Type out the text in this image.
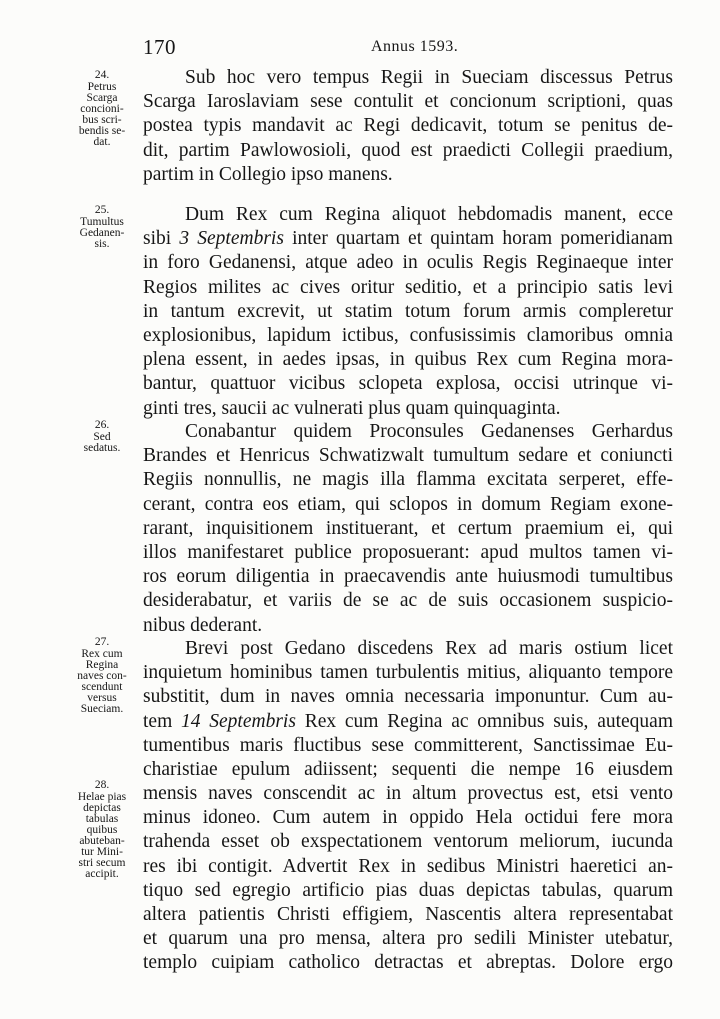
170	Annus 1593.
24.
Petrus
Scarga
concioni-
bus scri-
bendis se-
dat.
Sub hoc vero tempus Regii in Sueciam discessus Petrus
Scarga Iaroslaviam sese contulit et concionum scriptioni, quas
postea typis mandavit ac Regi dedicavit, totum se penitus de-
dit, partim Pawlowosioli, quod est praedicti Collegii praedium,
partim in Collegio ipso manens.
25.
Tumultus
Gedanen-
sis.
Dum Rex cum Regina aliquot hebdomadis manent, ecce
sibi 3 Septembris inter quartam et quintam horam pomeridianam
in foro Gedanensi, atque adeo in oculis Regis Reginaeque inter
Regios milites ac cives oritur seditio, et a principio satis levi
in tantum excrevit, ut statim totum forum armis compleretur
explosionibus, lapidum ictibus, confusissimis clamoribus omnia
plena essent, in aedes ipsas, in quibus Rex cum Regina mora-
bantur, quattuor vicibus sclopeta explosa, occisi utrinque vi-
ginti tres, saucii ac vulnerati plus quam quinquaginta.
26.
Sed
sedatus.
Conabantur quidem Proconsules Gedanenses Gerhardus
Brandes et Henricus Schwatizwalt tumultum sedare et coniuncti
Regiis nonnullis, ne magis illa flamma excitata serperet, effe-
cerant, contra eos etiam, qui sclopos in domum Regiam exone-
rarant, inquisitionem instituerant, et certum praemium ei, qui
illos manifestaret publice proposuerant: apud multos tamen vi-
ros eorum diligentia in praecavendis ante huiusmodi tumultibus
desiderabatur, et variis de se ac de suis occasionem suspicio-
nibus dederant.
27.
Rex cum
Regina
naves con-
scendunt
versus
Sueciam.
Brevi post Gedano discedens Rex ad maris ostium licet
inquietum hominibus tamen turbulentis mitius, aliquanto tempore
substitit, dum in naves omnia necessaria imponuntur. Cum au-
tem 14 Septembris Rex cum Regina ac omnibus suis, autequam
tumentibus maris fluctibus sese committerent, Sanctissimae Eu-
charistiae epulum adiissent; sequenti die nempe 16 eiusdem
28.
Helae pias
depictas
tabulas
quibus
abuteban-
tur Mini-
stri secum
accipit.
mensis naves conscendit ac in altum provectus est, etsi vento
minus idoneo. Cum autem in oppido Hela octidui fere mora
trahenda esset ob exspectationem ventorum meliorum, iucunda
res ibi contigit. Advertit Rex in sedibus Ministri haeretici an-
tiquo sed egregio artificio pias duas depictas tabulas, quarum
altera patientis Christi effigiem, Nascentis altera representabat
et quarum una pro mensa, altera pro sedili Minister utebatur,
templo cuipiam catholico detractas et abreptas. Dolore ergo
